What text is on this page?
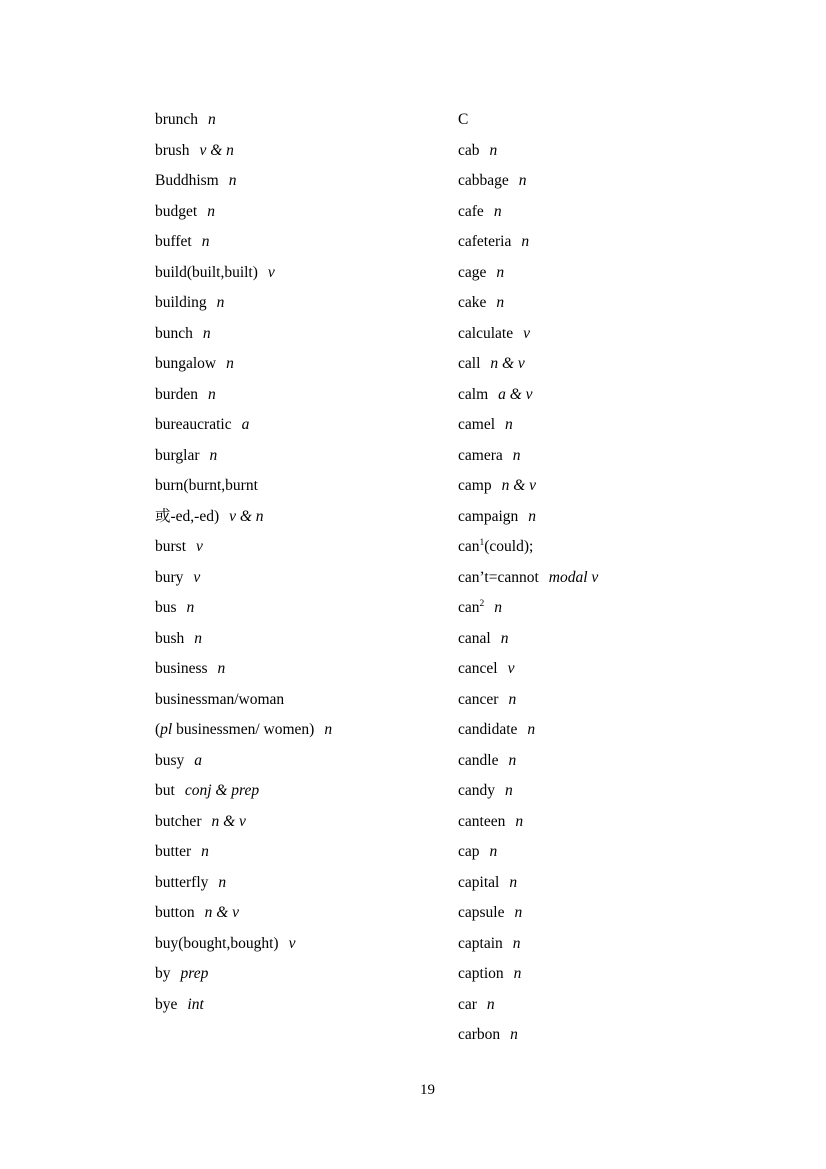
brunch n
brush v & n
Buddhism n
budget n
buffet n
build(built,built) v
building n
bunch n
bungalow n
burden n
bureaucratic a
burglar n
burn(burnt,burnt
或-ed,-ed) v & n
burst v
bury v
bus n
bush n
business n
businessman/woman
(pl businessmen/ women) n
busy a
but conj & prep
butcher n & v
butter n
butterfly n
button n & v
buy(bought,bought) v
by prep
bye int
C
cab n
cabbage n
cafe n
cafeteria n
cage n
cake n
calculate v
call n & v
calm a & v
camel n
camera n
camp n & v
campaign n
can$^1$(could);
can’t=cannot modal v
can$^2$ n
canal n
cancel v
cancer n
candidate n
candle n
candy n
canteen n
cap n
capital n
capsule n
captain n
caption n
car n
carbon n
19
